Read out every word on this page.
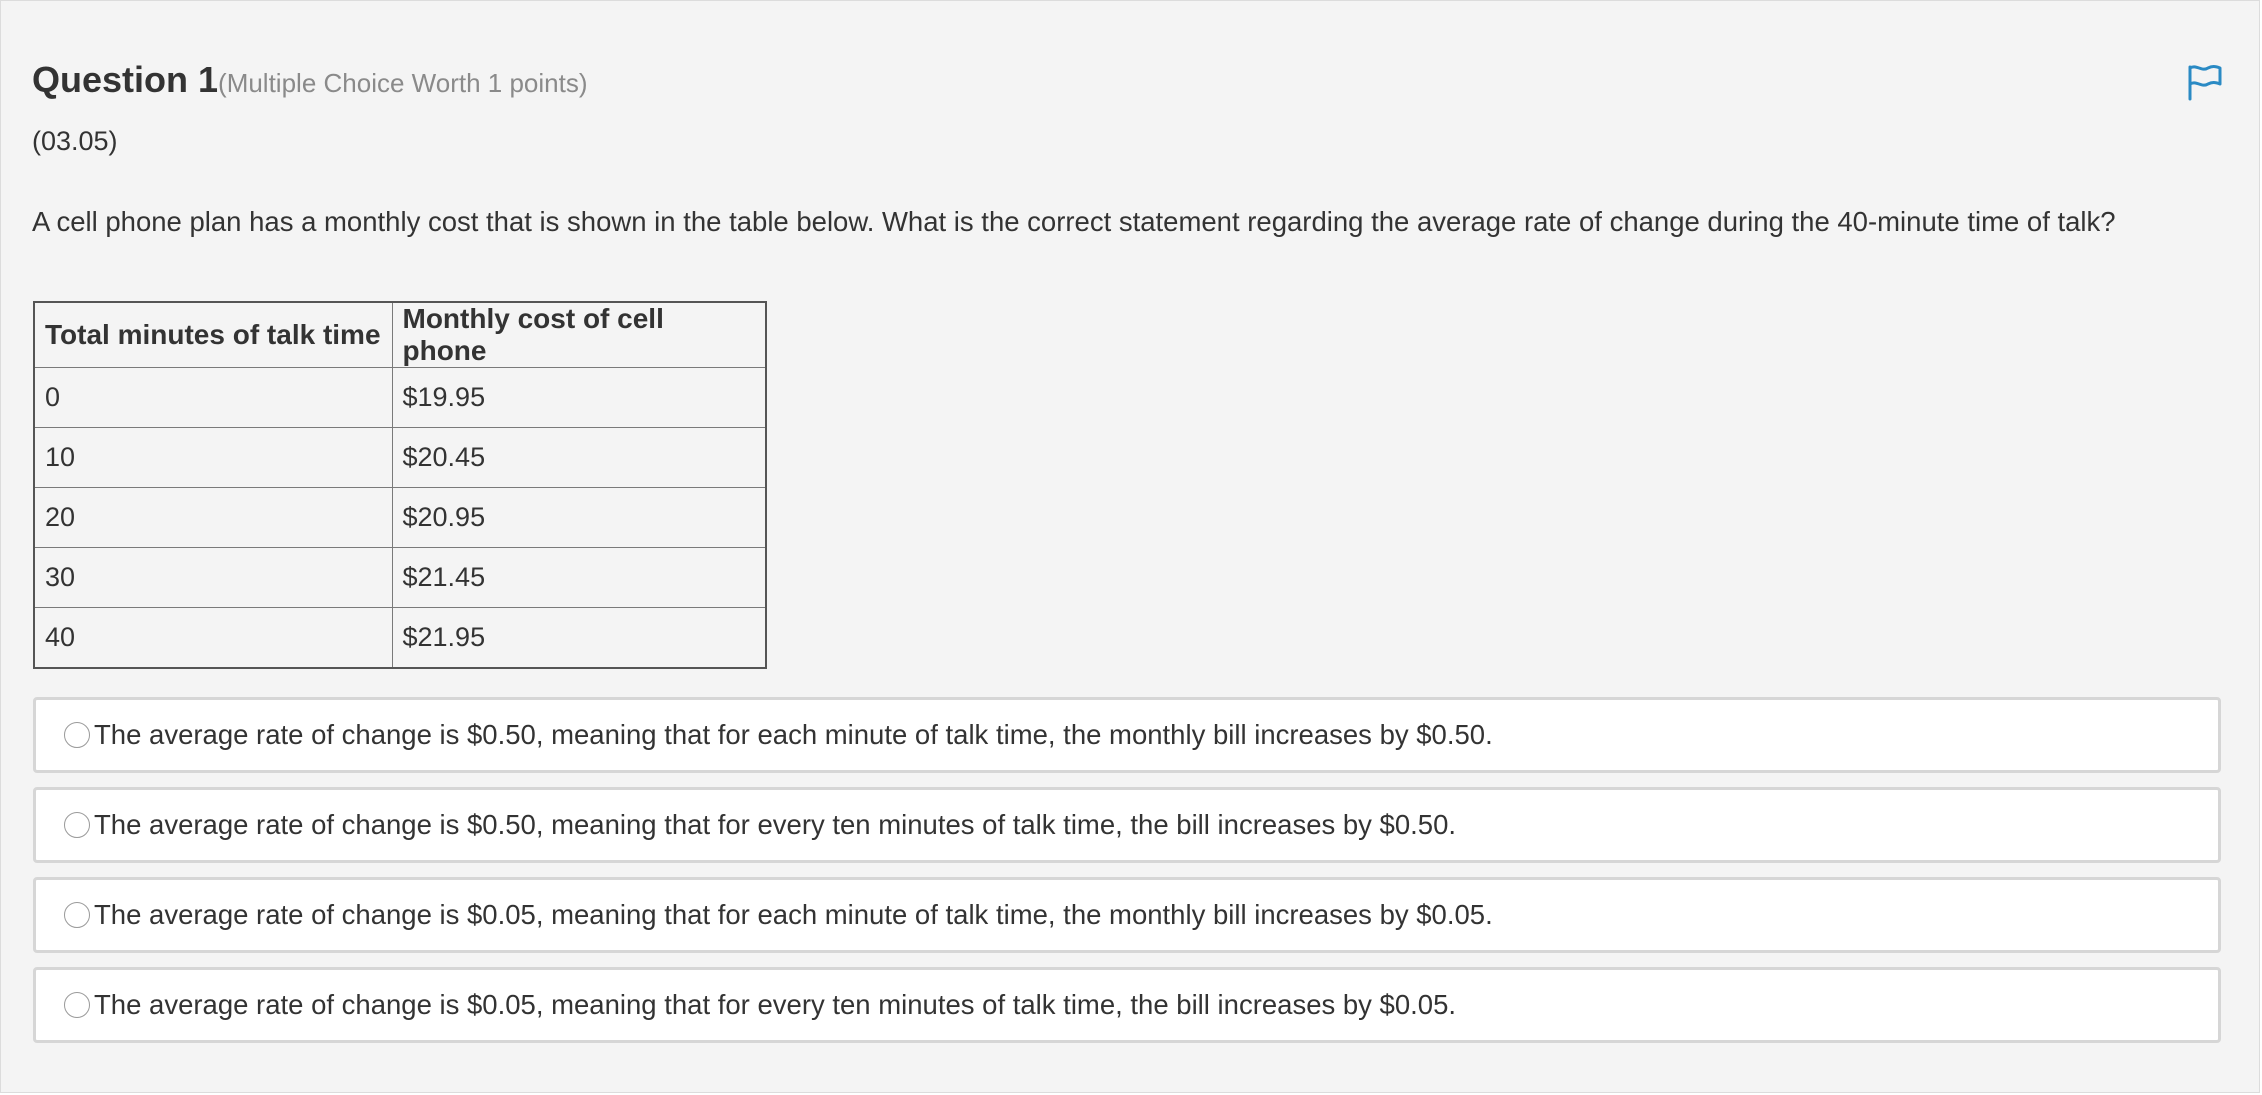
Question 1(Multiple Choice Worth 1 points)
(03.05)
A cell phone plan has a monthly cost that is shown in the table below. What is the correct statement regarding the average rate of change during the 40-minute time of talk?
Total minutes of talk time	Monthly cost of cell phone
0	$19.95
10	$20.45
20	$20.95
30	$21.45
40	$21.95
The average rate of change is $0.50, meaning that for each minute of talk time, the monthly bill increases by $0.50.
The average rate of change is $0.50, meaning that for every ten minutes of talk time, the bill increases by $0.50.
The average rate of change is $0.05, meaning that for each minute of talk time, the monthly bill increases by $0.05.
The average rate of change is $0.05, meaning that for every ten minutes of talk time, the bill increases by $0.05.
